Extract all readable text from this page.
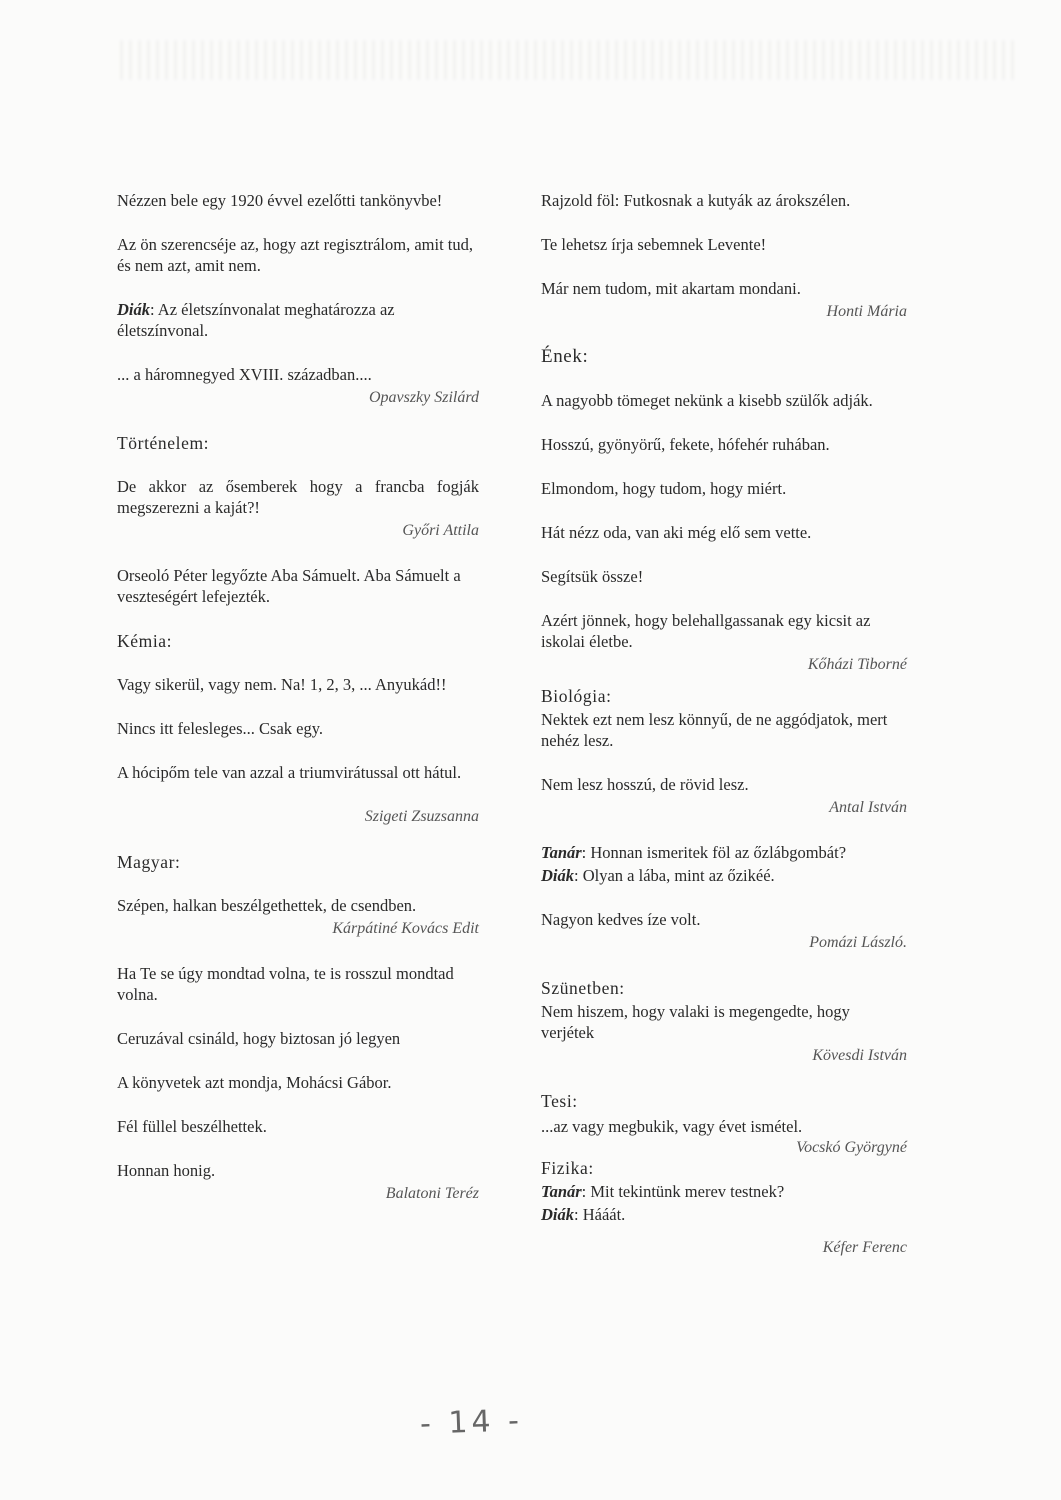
Nézzen bele egy 1920 évvel ezelőtti tankönyvbe!

Az ön szerencséje az, hogy azt regisztrálom, amit tud, és nem azt, amit nem.

Diák: Az életszínvonalat meghatározza az életszínvonal.

... a háromnegyed XVIII. században....

Opavszky Szilárd
Történelem:

De akkor az ősemberek hogy a francba fogják megszerezni a kaját?!

Győri Attila

Orseoló Péter legyőzte Aba Sámuelt. Aba Sámuelt a veszteségért lefejezték.

Kémia:

Vagy sikerül, vagy nem. Na! 1, 2, 3, ... Anyukád!!

Nincs itt felesleges... Csak egy.

A hócipőm tele van azzal a triumvirátussal ott hátul.

Szigeti Zsuzsanna
Magyar:

Szépen, halkan beszélgethettek, de csendben.

Kárpátiné Kovács Edit

Ha Te se úgy mondtad volna, te is rosszul mondtad volna.

Ceruzával csináld, hogy biztosan jó legyen

A könyvetek azt mondja, Mohácsi Gábor.

Fél füllel beszélhettek.

Honnan honig.

Balatoni Teréz

Rajzold föl: Futkosnak a kutyák az árokszélen.

Te lehetsz írja sebemnek Levente!

Már nem tudom, mit akartam mondani.

Honti Mária
Ének:

A nagyobb tömeget nekünk a kisebb szülők adják.

Hosszú, gyönyörű, fekete, hófehér ruhában.

Elmondom, hogy tudom, hogy miért.

Hát nézz oda, van aki még elő sem vette.

Segítsük össze!

Azért jönnek, hogy belehallgassanak egy kicsit az iskolai életbe.

Kőházi Tiborné
Biológia:

Nektek ezt nem lesz könnyű, de ne aggódjatok, mert nehéz lesz.

Nem lesz hosszú, de rövid lesz.

Antal István

Tanár: Honnan ismeritek föl az őzlábgombát?

Diák: Olyan a lába, mint az őzikéé.

Nagyon kedves íze volt.

Pomázi László.
Szünetben:

Nem hiszem, hogy valaki is megengedte, hogy verjétek

Kövesdi István
Tesi:

...az vagy megbukik, vagy évet ismétel.

Vocskó Györgyné
Fizika:

Tanár: Mit tekintünk merev testnek?

Diák: Hááát.

Kéfer Ferenc
- 14 -
